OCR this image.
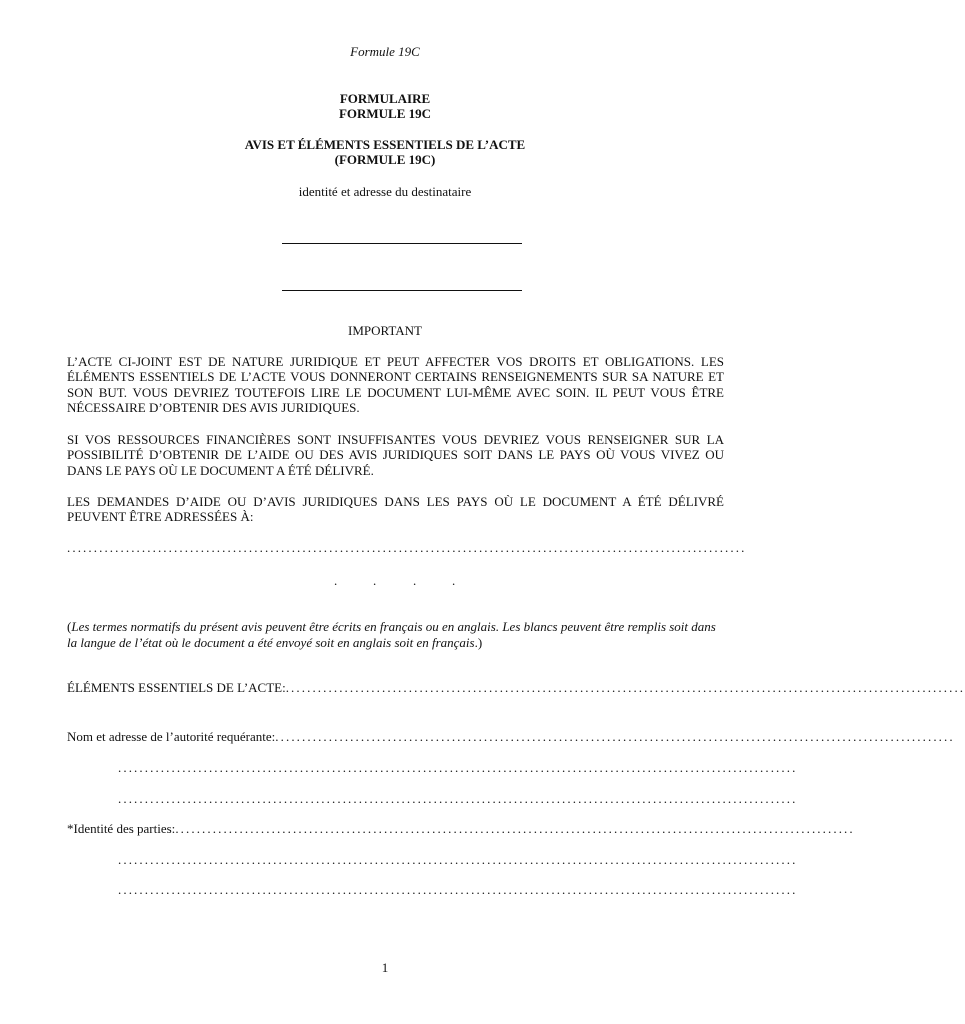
Formule 19C
FORMULAIRE
FORMULE 19C
AVIS ET ÉLÉMENTS ESSENTIELS DE L’ACTE
(FORMULE 19C)
identité et adresse du destinataire
IMPORTANT
L’ACTE CI-JOINT EST DE NATURE JURIDIQUE ET PEUT AFFECTER VOS DROITS ET OBLIGATIONS. LES ÉLÉMENTS ESSENTIELS DE L’ACTE VOUS DONNERONT CERTAINS RENSEIGNEMENTS SUR SA NATURE ET SON BUT. VOUS DEVRIEZ TOUTEFOIS LIRE LE DOCUMENT LUI-MÊME AVEC SOIN. IL PEUT VOUS ÊTRE NÉCESSAIRE D’OBTENIR DES AVIS JURIDIQUES.
SI VOS RESSOURCES FINANCIÈRES SONT INSUFFISANTES VOUS DEVRIEZ VOUS RENSEIGNER SUR LA POSSIBILITÉ D’OBTENIR DE L’AIDE OU DES AVIS JURIDIQUES SOIT DANS LE PAYS OÙ VOUS VIVEZ OU DANS LE PAYS OÙ LE DOCUMENT A ÉTÉ DÉLIVRÉ.
LES DEMANDES D’AIDE OU D’AVIS JURIDIQUES DANS LES PAYS OÙ LE DOCUMENT A ÉTÉ DÉLIVRÉ PEUVENT ÊTRE ADRESSÉES À:
...............................................................................................................................
.	.	.	.
(Les termes normatifs du présent avis peuvent être écrits en français ou en anglais. Les blancs peuvent être remplis soit dans la langue de l’état où le document a été envoyé soit en anglais soit en français.)
ÉLÉMENTS ESSENTIELS DE L’ACTE:...............................................................................................................................
Nom et adresse de l’autorité requérante:...............................................................................................................................
...............................................................................................................................
...............................................................................................................................
*Identité des parties:...............................................................................................................................
...............................................................................................................................
...............................................................................................................................
1
